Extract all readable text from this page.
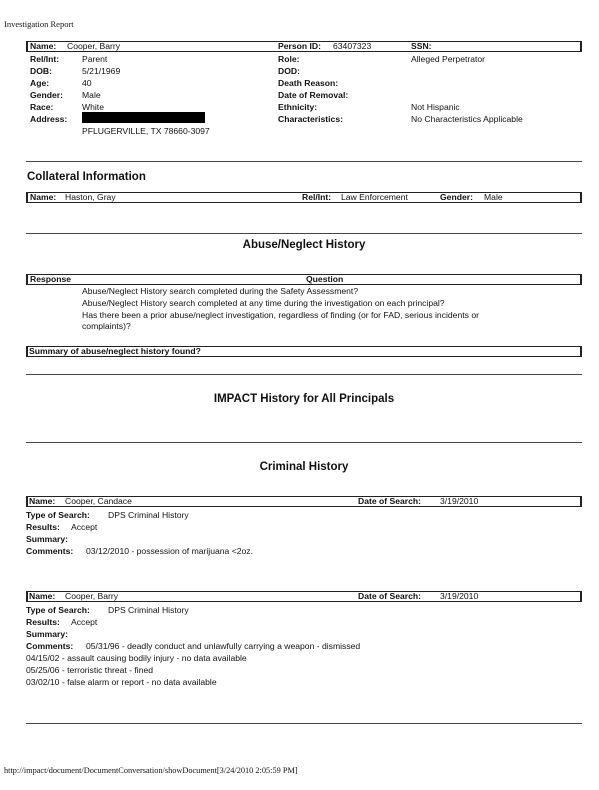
Investigation Report
Name: Cooper, Barry	Person ID: 63407323	SSN:
Rel/Int:	Parent
DOB:	5/21/1969
Age:	40
Gender: Male
Race:	White
Address:
PFLUGERVILLE, TX 78660-3097
Role:	Alleged Perpetrator
DOD:
Death Reason:
Date of Removal:
Ethnicity:	Not Hispanic
Characteristics:	No Characteristics Applicable
Collateral Information
Name: Haston, Gray	Rel/Int: Law Enforcement	Gender: Male
Abuse/Neglect History
Response	Question
Abuse/Neglect History search completed during the Safety Assessment?
Abuse/Neglect History search completed at any time during the investigation on each principal?
Has there been a prior abuse/neglect investigation, regardless of finding (or for FAD, serious incidents or
complaints)?
Summary of abuse/neglect history found?
IMPACT History for All Principals
Criminal History
Name: Cooper, Candace	Date of Search: 3/19/2010
Type of Search: DPS Criminal History
Results: Accept
Summary:
Comments: 03/12/2010 - possession of marijuana <2oz.
Name: Cooper, Barry	Date of Search: 3/19/2010
Type of Search: DPS Criminal History
Results: Accept
Summary:
Comments: 05/31/96 - deadly conduct and unlawfully carrying a weapon - dismissed
04/15/02 - assault causing bodily injury - no data available
05/25/06 - terroristic threat - fined
03/02/10 - false alarm or report - no data available
http://impact/document/DocumentConversation/showDocument[3/24/2010 2:05:59 PM]
